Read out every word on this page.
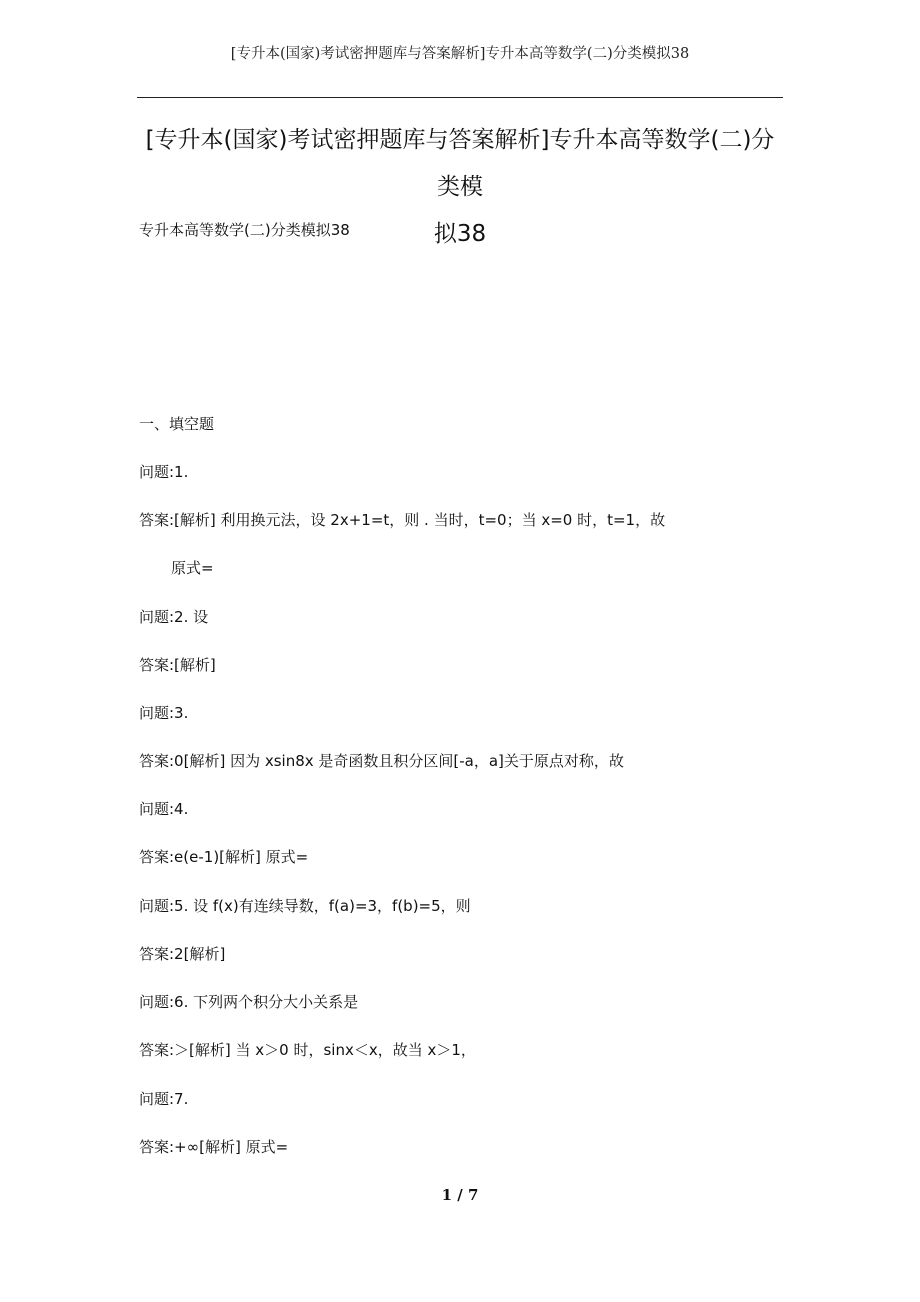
[专升本(国家)考试密押题库与答案解析]专升本高等数学(二)分类模拟38
[专升本(国家)考试密押题库与答案解析]专升本高等数学(二)分类模
拟38
专升本高等数学(二)分类模拟38
一、填空题
问题:1.
答案:[解析] 利用换元法，设 2x+1=t，则 . 当时，t=0；当 x=0 时，t=1，故
原式=
问题:2. 设
答案:[解析]
问题:3.
答案:0[解析] 因为 xsin8x 是奇函数且积分区间[-a，a]关于原点对称，故
问题:4.
答案:e(e-1)[解析] 原式=
问题:5. 设 f(x)有连续导数，f(a)=3，f(b)=5，则
答案:2[解析]
问题:6. 下列两个积分大小关系是
答案:＞[解析] 当 x＞0 时，sinx＜x，故当 x＞1，
问题:7.
答案:+∞[解析] 原式=
1 / 7
